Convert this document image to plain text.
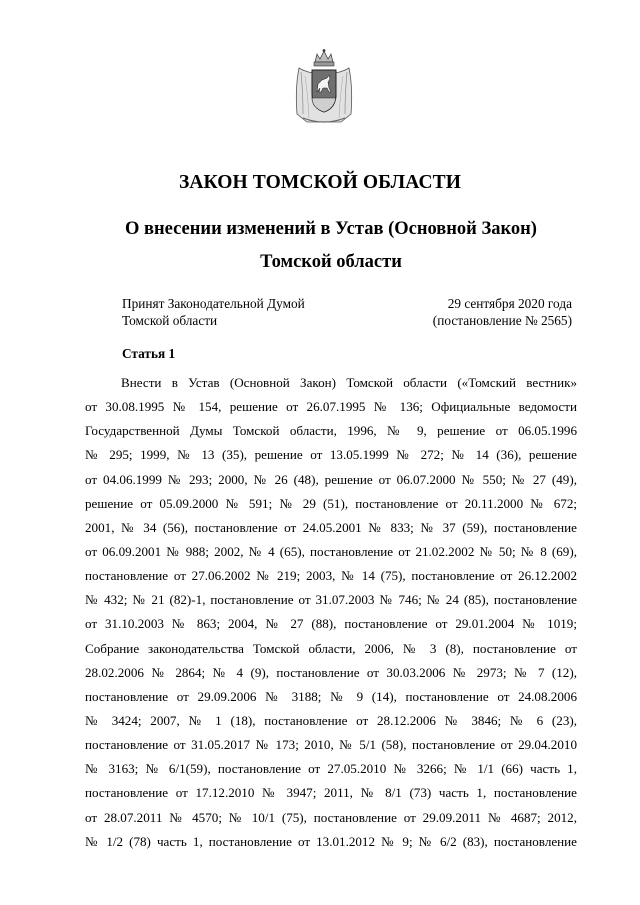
ЗАКОН ТОМСКОЙ ОБЛАСТИ
О внесении изменений в Устав (Основной Закон)
Томской области
Принят Законодательной Думой
Томской области
29 сентября 2020 года
(постановление № 2565)
Статья 1
Внести в Устав (Основной Закон) Томской области («Томский вестник»
от 30.08.1995 № 154, решение от 26.07.1995 № 136; Официальные ведомости
Государственной Думы Томской области, 1996, № 9, решение от 06.05.1996
№ 295; 1999, № 13 (35), решение от 13.05.1999 № 272; № 14 (36), решение
от 04.06.1999 № 293; 2000, № 26 (48), решение от 06.07.2000 № 550; № 27 (49),
решение от 05.09.2000 № 591; № 29 (51), постановление от 20.11.2000 № 672;
2001, № 34 (56), постановление от 24.05.2001 № 833; № 37 (59), постановление
от 06.09.2001 № 988; 2002, № 4 (65), постановление от 21.02.2002 № 50; № 8 (69),
постановление от 27.06.2002 № 219; 2003, № 14 (75), постановление от 26.12.2002
№ 432; № 21 (82)-1, постановление от 31.07.2003 № 746; № 24 (85), постановление
от 31.10.2003 № 863; 2004, № 27 (88), постановление от 29.01.2004 № 1019;
Собрание законодательства Томской области, 2006, № 3 (8), постановление от
28.02.2006 № 2864; № 4 (9), постановление от 30.03.2006 № 2973; № 7 (12),
постановление от 29.09.2006 № 3188; № 9 (14), постановление от 24.08.2006
№ 3424; 2007, № 1 (18), постановление от 28.12.2006 № 3846; № 6 (23),
постановление от 31.05.2017 № 173; 2010, № 5/1 (58), постановление от 29.04.2010
№ 3163; № 6/1(59), постановление от 27.05.2010 № 3266; № 1/1 (66) часть 1,
постановление от 17.12.2010 № 3947; 2011, № 8/1 (73) часть 1, постановление
от 28.07.2011 № 4570; № 10/1 (75), постановление от 29.09.2011 № 4687; 2012,
№ 1/2 (78) часть 1, постановление от 13.01.2012 № 9; № 6/2 (83), постановление
